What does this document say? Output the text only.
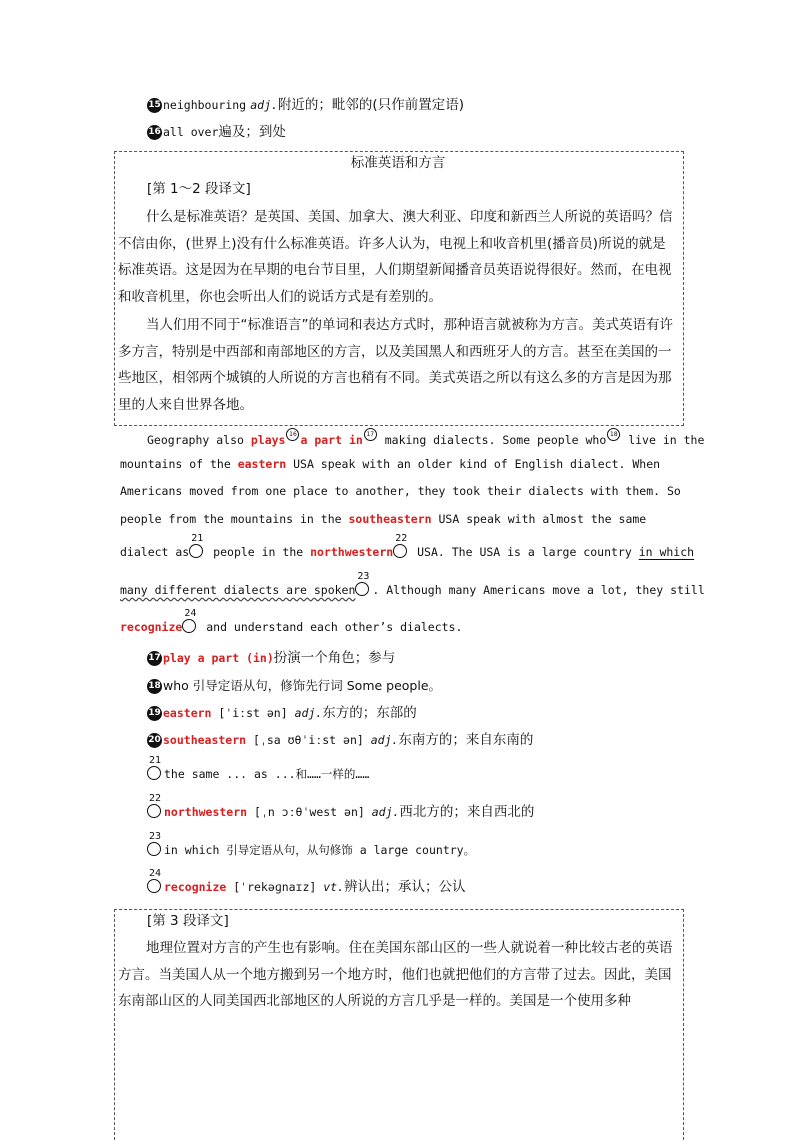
15 neighbouring adj.附近的；毗邻的(只作前置定语)
16 all over遍及；到处
标准英语和方言
[第 1～2 段译文]
什么是标准英语？是英国、美国、加拿大、澳大利亚、印度和新西兰人所说的英语吗？信不信由你，(世界上)没有什么标准英语。许多人认为，电视上和收音机里(播音员)所说的就是标准英语。这是因为在早期的电台节目里，人们期望新闻播音员英语说得很好。然而，在电视和收音机里，你也会听出人们的说话方式是有差别的。
当人们用不同于“标准语言”的单词和表达方式时，那种语言就被称为方言。美式英语有许多方言，特别是中西部和南部地区的方言，以及美国黑人和西班牙人的方言。甚至在美国的一些地区，相邻两个城镇的人所说的方言也稍有不同。美式英语之所以有这么多的方言是因为那里的人来自世界各地。
Geography also plays 16 a part in 17 making dialects. Some people who 18 live in the
mountains of the eastern USA speak with an older kind of English dialect. When
Americans moved from one place to another, they took their dialects with them. So
people from the mountains in the southeastern USA speak with almost the same
dialect as
21
people in the northwestern
22
USA. The USA is a large country in which
many different dialects are spoken
23
. Although many Americans move a lot, they still
recognize
24
and understand each other’s dialects.
17 play a part (in)扮演一个角色；参与
18 who 引导定语从句，修饰先行词 Some people。
19 eastern [ˈiːst ən] adj.东方的；东部的
20 southeastern [ˌsa ʊθˈiːst ən] adj.东南方的；来自东南的
21
the same ... as ...和……一样的……
22
northwestern [ˌn ɔːθˈwest ən] adj.西北方的；来自西北的
23
in which 引导定语从句，从句修饰 a large country。
24
recognize [ˈrekəɡnaɪz] vt.辨认出；承认；公认
[第 3 段译文]
地理位置对方言的产生也有影响。住在美国东部山区的一些人就说着一种比较古老的英语方言。当美国人从一个地方搬到另一个地方时，他们也就把他们的方言带了过去。因此，美国东南部山区的人同美国西北部地区的人所说的方言几乎是一样的。美国是一个使用多种
